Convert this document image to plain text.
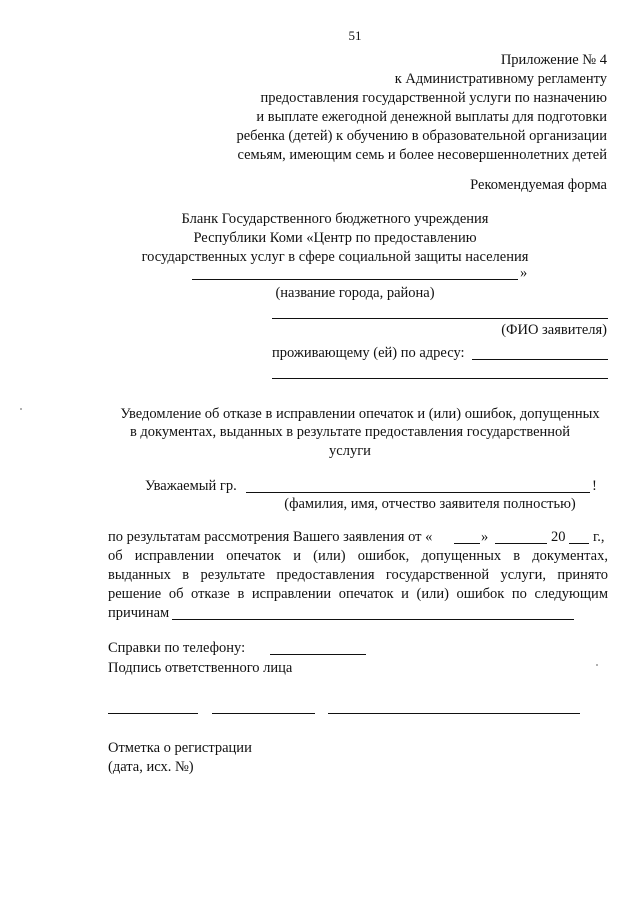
51
Приложение № 4
к Административному регламенту
предоставления государственной услуги по назначению
и выплате ежегодной денежной выплаты для подготовки
ребенка (детей) к обучению в образовательной организации
семьям, имеющим семь и более несовершеннолетних детей
Рекомендуемая форма
Бланк Государственного бюджетного учреждения
Республики Коми «Центр по предоставлению
государственных услуг в сфере социальной защиты населения
»
(название города, района)
(ФИО заявителя)
проживающему (ей) по адресу:
Уведомление об отказе в исправлении опечаток и (или) ошибок, допущенных
в документах, выданных в результате предоставления государственной
услуги
Уважаемый гр.	!
(фамилия, имя, отчество заявителя полностью)
по результатам рассмотрения Вашего заявления от «	»	20 г.,
об исправлении опечаток и (или) ошибок, допущенных в документах,
выданных в результате предоставления государственной услуги, принято
решение об отказе в исправлении опечаток и (или) ошибок по следующим
причинам
Справки по телефону:
Подпись ответственного лица
Отметка о регистрации
(дата, исх. №)
